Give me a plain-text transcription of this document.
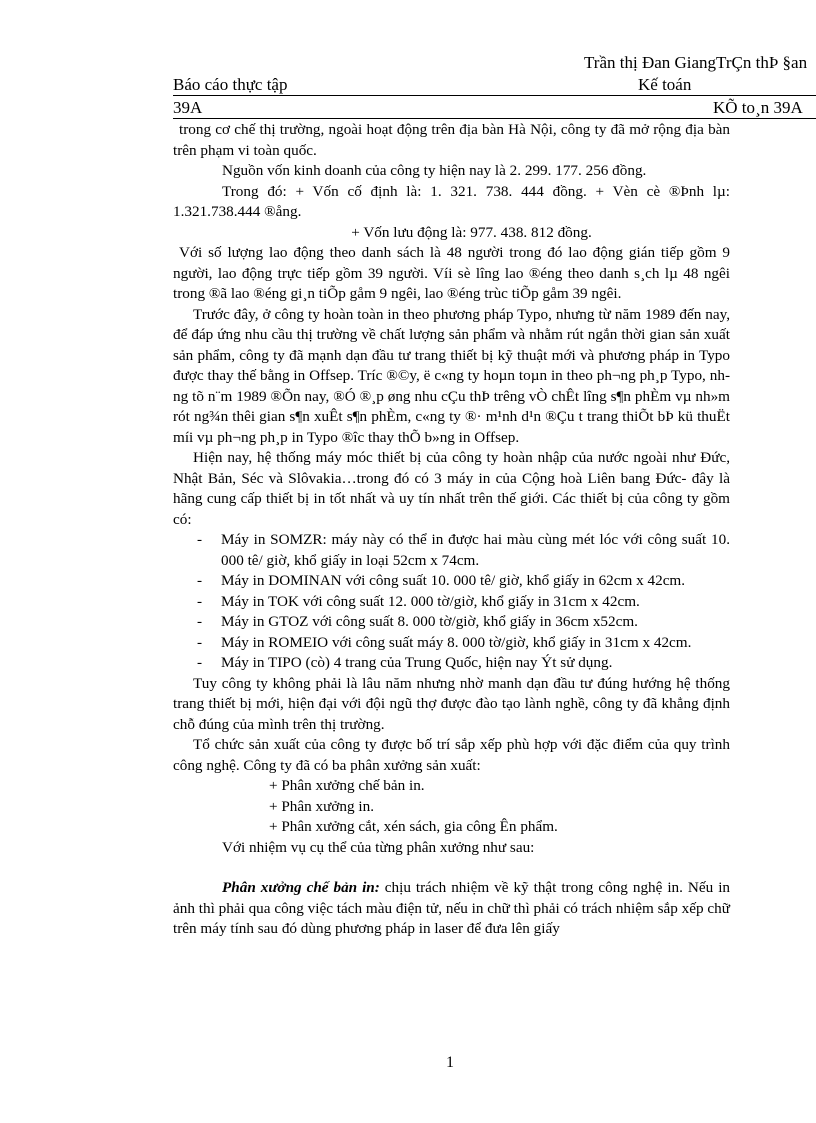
Trần thị Đan GiangTrÇn thÞ §an
Báo cáo thực tập	Kế toán
39A	KÕ to¸n 39A

trong cơ chế thị trường, ngoài hoạt động trên địa bàn Hà Nội, công ty đã mở rộng địa bàn trên phạm vi toàn quốc.

Nguồn vốn kinh doanh của công ty hiện nay là 2. 299. 177. 256 đồng.

Trong đó: + Vốn cố định là: 1. 321. 738. 444 đồng. + Vèn cè ®Þnh lµ: 1.321.738.444 ®ång.

+ Vốn lưu động là: 977. 438. 812 đồng.

Với số lượng lao động theo danh sách là 48 người trong đó lao động gián tiếp gồm 9 người, lao động trực tiếp gồm 39 người. Víi sè lîng lao ®éng theo danh s¸ch lµ 48 ngêi trong ®ã lao ®éng gi¸n tiÕp gåm 9 ngêi, lao ®éng trùc tiÕp gåm 39 ngêi.

Trước đây, ở công ty hoàn toàn in theo phương pháp Typo, nhưng từ năm 1989 đến nay, để đáp ứng nhu cầu thị trường về chất lượng sản phẩm và nhằm rút ngắn thời gian sản xuất sản phẩm, công ty đã mạnh dạn đầu tư trang thiết bị kỹ thuật mới và phương pháp in Typo được thay thế bằng in Offsep. Tríc ®©y, ë c«ng ty hoµn toµn in theo ph¬ng ph¸p Typo, nhng tõ n¨m 1989 ®Õn nay, ®Ó ®¸p øng nhu cÇu thÞ trêng vÒ chÊt lîng s¶n phÈm vµ nh»m rót ng¾n thêi gian s¶n xuÊt s¶n phÈm, c«ng ty ®· m¹nh d¹n ®Çu t trang thiÕt bÞ kü thuËt míi vµ ph¬ng ph¸p in Typo ®îc thay thÕ b»ng in Offsep.

Hiện nay, hệ thống máy móc thiết bị của công ty hoàn nhập của nước ngoài như Đức, Nhật Bản, Séc và Slôvakia…trong đó có 3 máy in của Cộng hoà Liên bang Đức- đây là hãng cung cấp thiết bị in tốt nhất và uy tín nhất trên thế giới. Các thiết bị của công ty gồm có:

- Máy in SOMZR: máy này có thể in được hai màu cùng mét lóc với công suất 10. 000 tê/ giờ, khổ giấy in loại 52cm x 74cm.
- Máy in DOMINAN với công suất 10. 000 tê/ giờ, khổ giấy in 62cm x 42cm.
- Máy in TOK với công suất 12. 000 tờ/giờ, khổ giấy in 31cm x 42cm.
- Máy in GTOZ với công suất 8. 000 tờ/giờ, khổ giấy in 36cm x52cm.
- Máy in ROMEIO với công suất máy 8. 000 tờ/giờ, khổ giấy in 31cm x 42cm.
- Máy in TIPO (cò) 4 trang của Trung Quốc, hiện nay Ýt sử dụng.

Tuy công ty không phải là lâu năm nhưng nhờ manh dạn đầu tư đúng hướng hệ thống trang thiết bị mới, hiện đại với đội ngũ thợ được đào tạo lành nghề, công ty đã khẳng định chỗ đúng của mình trên thị trường.

Tổ chức sản xuất của công ty được bố trí sắp xếp phù hợp với đặc điểm của quy trình công nghệ. Công ty đã có ba phân xưởng sản xuất:

+ Phân xưởng chế bản in.

+ Phân xưởng in.

+ Phân xưởng cắt, xén sách, gia công Ên phẩm.

Với nhiệm vụ cụ thể của từng phân xưởng như sau:

Phân xưởng chế bản in: chịu trách nhiệm về kỹ thật trong công nghệ in. Nếu in ảnh thì phải qua công việc tách màu điện tử, nếu in chữ thì phải có trách nhiệm sắp xếp chữ trên máy tính sau đó dùng phương pháp in laser để đưa lên giấy

1
